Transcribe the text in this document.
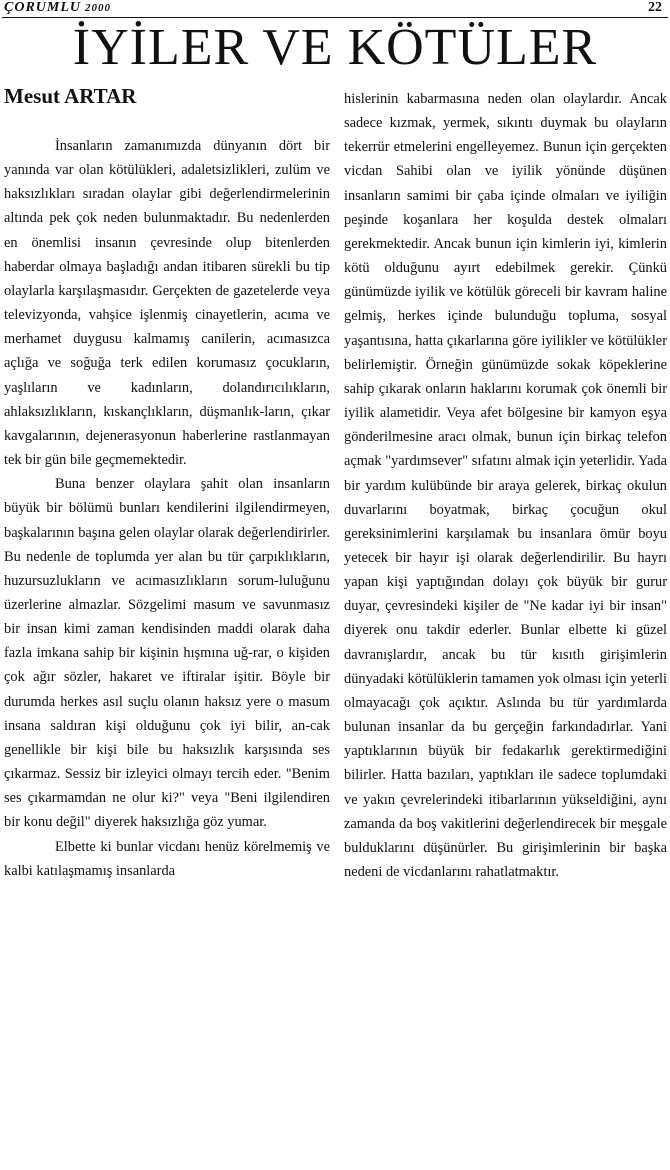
ÇORUMLU 2000	22
İYİLER VE KÖTÜLER
Mesut ARTAR

İnsanların zamanımızda dünyanın dört bir yanında var olan kötülükleri, adaletsizlikleri, zulüm ve haksızlıkları sıradan olaylar gibi değerlendirmelerinin altında pek çok neden bulunmaktadır. Bu nedenlerden en önemlisi insanın çevresinde olup bitenlerden haberdar olmaya başladığı andan itibaren sürekli bu tip olaylarla karşılaşmasıdır. Gerçekten de gazetelerde veya televizyonda, vahşice işlenmiş cinayetlerin, acıma ve merhamet duygusu kalmamış canilerin, acımasızca açlığa ve soğuğa terk edilen korumasız çocukların, yaşlıların ve kadınların, dolandırıcılıkların, ahlaksızlıkların, kıskançlıkların, düşmanlık-ların, çıkar kavgalarının, dejenerasyonun haberlerine rastlanmayan tek bir gün bile geçmemektedir.

Buna benzer olaylara şahit olan insanların büyük bir bölümü bunları kendilerini ilgilendirmeyen, başkalarının başına gelen olaylar olarak değerlendirirler. Bu nedenle de toplumda yer alan bu tür çarpıklıkların, huzursuzlukların ve acımasızlıkların sorum-luluğunu üzerlerine almazlar. Sözgelimi masum ve savunmasız bir insan kimi zaman kendisinden maddi olarak daha fazla imkana sahip bir kişinin hışmına uğ-rar, o kişiden çok ağır sözler, hakaret ve iftiralar işitir. Böyle bir durumda herkes asıl suçlu olanın haksız yere o masum insana saldıran kişi olduğunu çok iyi bilir, an-cak genellikle bir kişi bile bu haksızlık karşısında ses çıkarmaz. Sessiz bir izleyici olmayı tercih eder. "Benim ses çıkarmamdan ne olur ki?" veya "Beni ilgilendiren bir konu değil" diyerek haksızlığa göz yumar.

Elbette ki bunlar vicdanı henüz körelmemiş ve kalbi katılaşmamış insanlarda

hislerinin kabarmasına neden olan olaylardır. Ancak sadece kızmak, yermek, sıkıntı duymak bu olayların tekerrür etmelerini engelleyemez. Bunun için gerçekten vicdan Sahibi olan ve iyilik yönünde düşünen insanların samimi bir çaba içinde olmaları ve iyiliğin peşinde koşanlara her koşulda destek olmaları gerekmektedir. Ancak bunun için kimlerin iyi, kimlerin kötü olduğunu ayırt edebilmek gerekir. Çünkü günümüzde iyilik ve kötülük göreceli bir kavram haline gelmiş, herkes içinde bulunduğu topluma, sosyal yaşantısına, hatta çıkarlarına göre iyilikler ve kötülükler belirlemiştir. Örneğin günümüzde sokak köpeklerine sahip çıkarak onların haklarını korumak çok önemli bir iyilik alametidir. Veya afet bölgesine bir kamyon eşya gönderilmesine aracı olmak, bunun için birkaç telefon açmak "yardımsever" sıfatını almak için yeterlidir. Yada bir yardım kulübünde bir araya gelerek, birkaç okulun duvarlarını boyatmak, birkaç çocuğun okul gereksinimlerini karşılamak bu insanlara ömür boyu yetecek bir hayır işi olarak değerlendirilir. Bu hayrı yapan kişi yaptığından dolayı çok büyük bir gurur duyar, çevresindeki kişiler de "Ne kadar iyi bir insan" diyerek onu takdir ederler. Bunlar elbette ki güzel davranışlardır, ancak bu tür kısıtlı girişimlerin dünyadaki kötülüklerin tamamen yok olması için yeterli olmayacağı çok açıktır. Aslında bu tür yardımlarda bulunan insanlar da bu gerçeğin farkındadırlar. Yani yaptıklarının büyük bir fedakarlık gerektirmediğini bilirler. Hatta bazıları, yaptıkları ile sadece toplumdaki ve yakın çevrelerindeki itibarlarının yükseldiğini, aynı zamanda da boş vakitlerini değerlendirecek bir meşgale bulduklarını düşünürler. Bu girişimlerinin bir başka nedeni de vicdanlarını rahatlatmaktır.
